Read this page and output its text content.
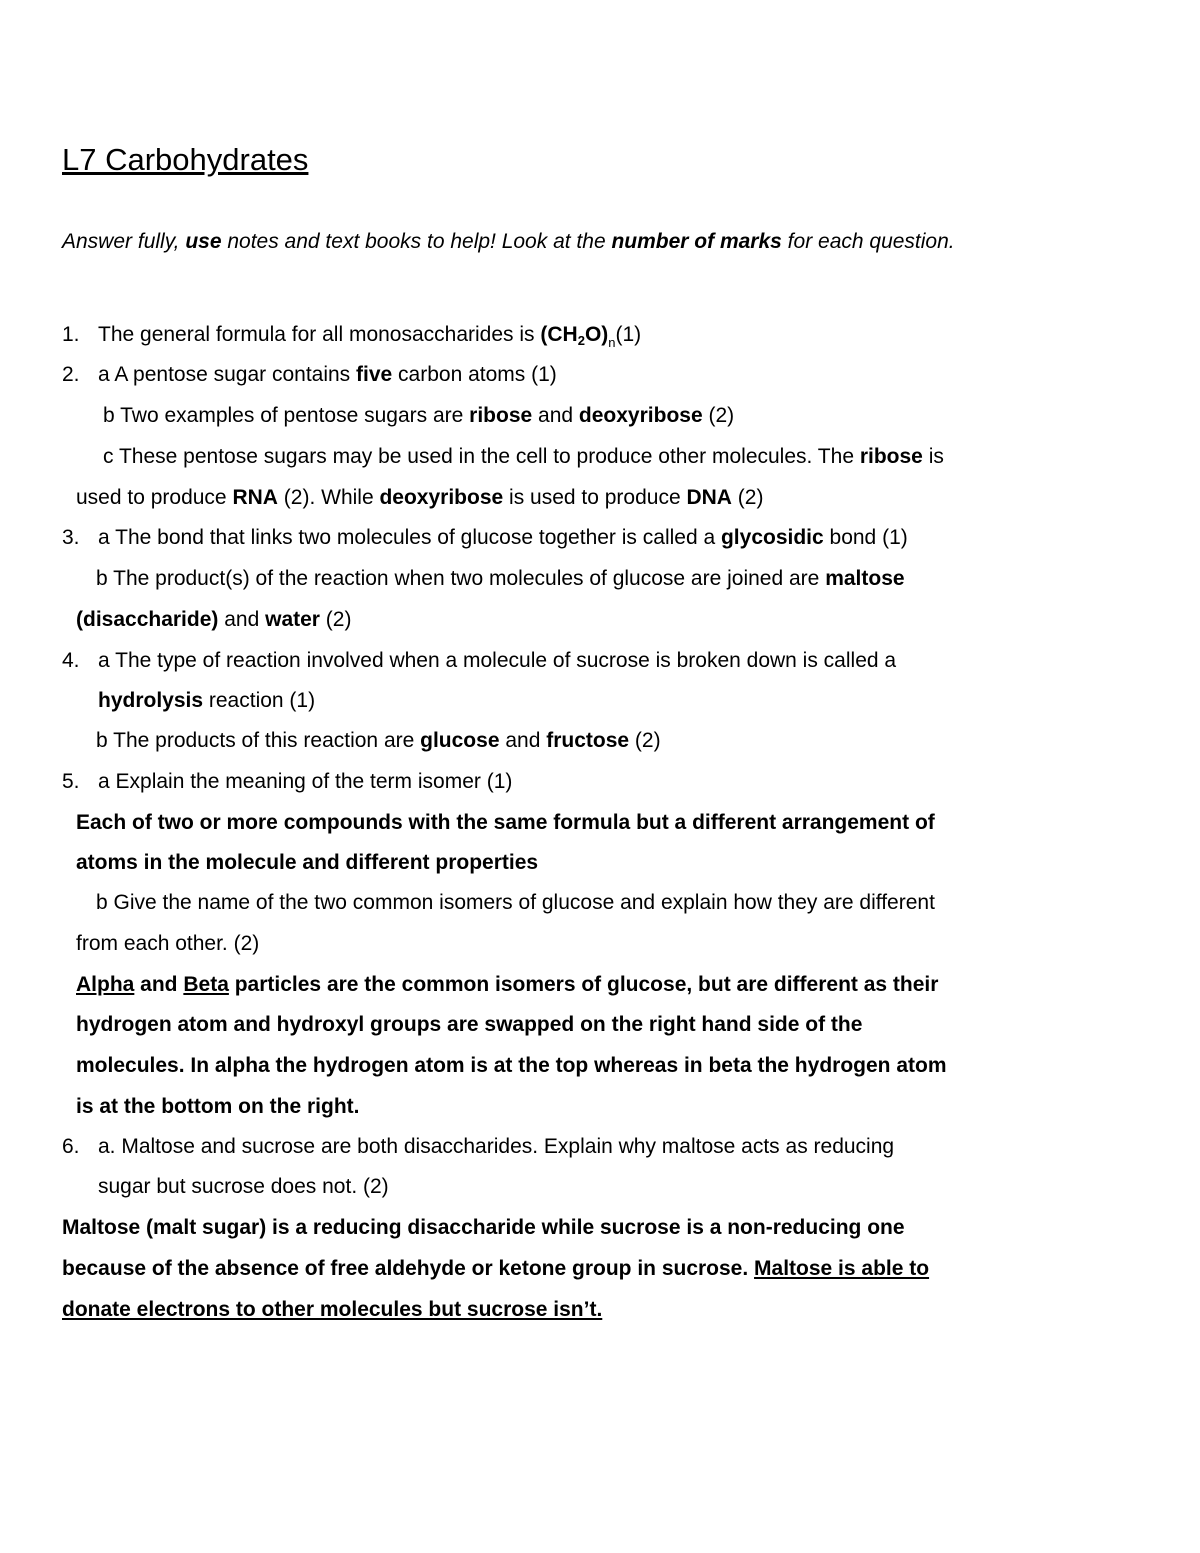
L7 Carbohydrates

Answer fully, use notes and text books to help! Look at the number of marks for each question.

1. The general formula for all monosaccharides is $(CH_2O)_n(1)$

2. a A pentose sugar contains five carbon atoms (1)

b Two examples of pentose sugars are ribose and deoxyribose (2)

c These pentose sugars may be used in the cell to produce other molecules. The ribose is

used to produce RNA (2). While deoxyribose is used to produce DNA (2)

3. a The bond that links two molecules of glucose together is called a glycosidic bond (1)

b The product(s) of the reaction when two molecules of glucose are joined are maltose

(disaccharide) and water (2)

4. a The type of reaction involved when a molecule of sucrose is broken down is called a

hydrolysis reaction (1)

b The products of this reaction are glucose and fructose (2)

5. a Explain the meaning of the term isomer (1)

Each of two or more compounds with the same formula but a different arrangement of

atoms in the molecule and different properties

b Give the name of the two common isomers of glucose and explain how they are different

from each other. (2)

Alpha and Beta particles are the common isomers of glucose, but are different as their

hydrogen atom and hydroxyl groups are swapped on the right hand side of the

molecules. In alpha the hydrogen atom is at the top whereas in beta the hydrogen atom

is at the bottom on the right.

6. a. Maltose and sucrose are both disaccharides. Explain why maltose acts as reducing

sugar but sucrose does not. (2)

Maltose (malt sugar) is a reducing disaccharide while sucrose is a non-reducing one

because of the absence of free aldehyde or ketone group in sucrose. Maltose is able to

donate electrons to other molecules but sucrose isn’t.
